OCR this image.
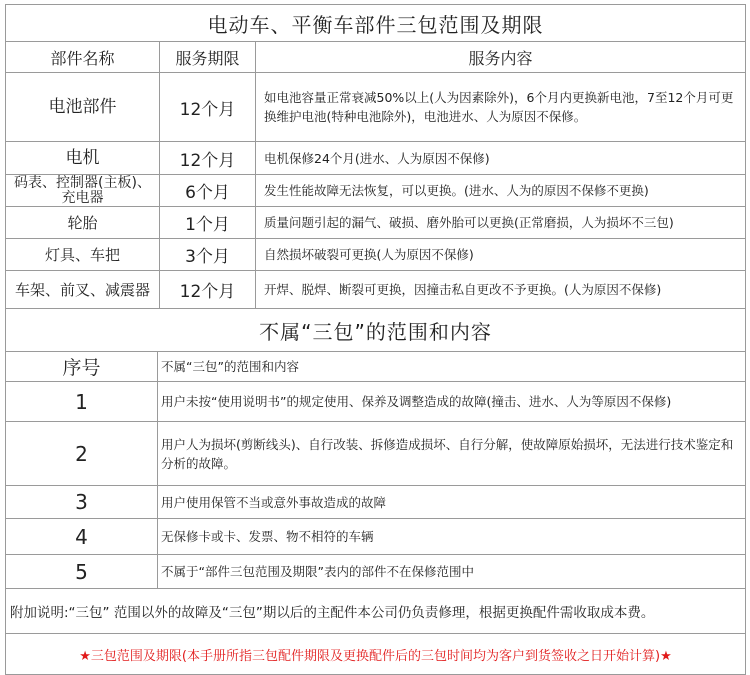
电动车、平衡车部件三包范围及期限		
部件名称	服务期限	服务内容
电池部件	12个月	如电池容量正常衰减50%以上(人为因素除外)，6个月内更换新电池，7至12个月可更换维护电池(特种电池除外)，电池进水、人为原因不保修。
电机	12个月	电机保修24个月(进水、人为原因不保修)
码表、控制器(主板)、充电器	6个月	发生性能故障无法恢复，可以更换。(进水、人为的原因不保修不更换)
轮胎	1个月	质量问题引起的漏气、破损、磨外胎可以更换(正常磨损，人为损坏不三包)
灯具、车把	3个月	自然损坏破裂可更换(人为原因不保修)
车架、前叉、减震器	12个月	开焊、脱焊、断裂可更换，因撞击私自更改不予更换。(人为原因不保修)
不属“三包”的范围和内容	
序号	不属“三包”的范围和内容
1	用户未按“使用说明书”的规定使用、保养及调整造成的故障(撞击、进水、人为等原因不保修)
2	用户人为损坏(剪断线头)、自行改装、拆修造成损坏、自行分解，使故障原始损坏，无法进行技术鉴定和分析的故障。
3	用户使用保管不当或意外事故造成的故障
4	无保修卡或卡、发票、物不相符的车辆
5	不属于“部件三包范围及期限”表内的部件不在保修范围中
附加说明:“三包” 范围以外的故障及“三包”期以后的主配件本公司仍负责修理，根据更换配件需收取成本费。	
★三包范围及期限(本手册所指三包配件期限及更换配件后的三包时间均为客户到货签收之日开始计算)★	
